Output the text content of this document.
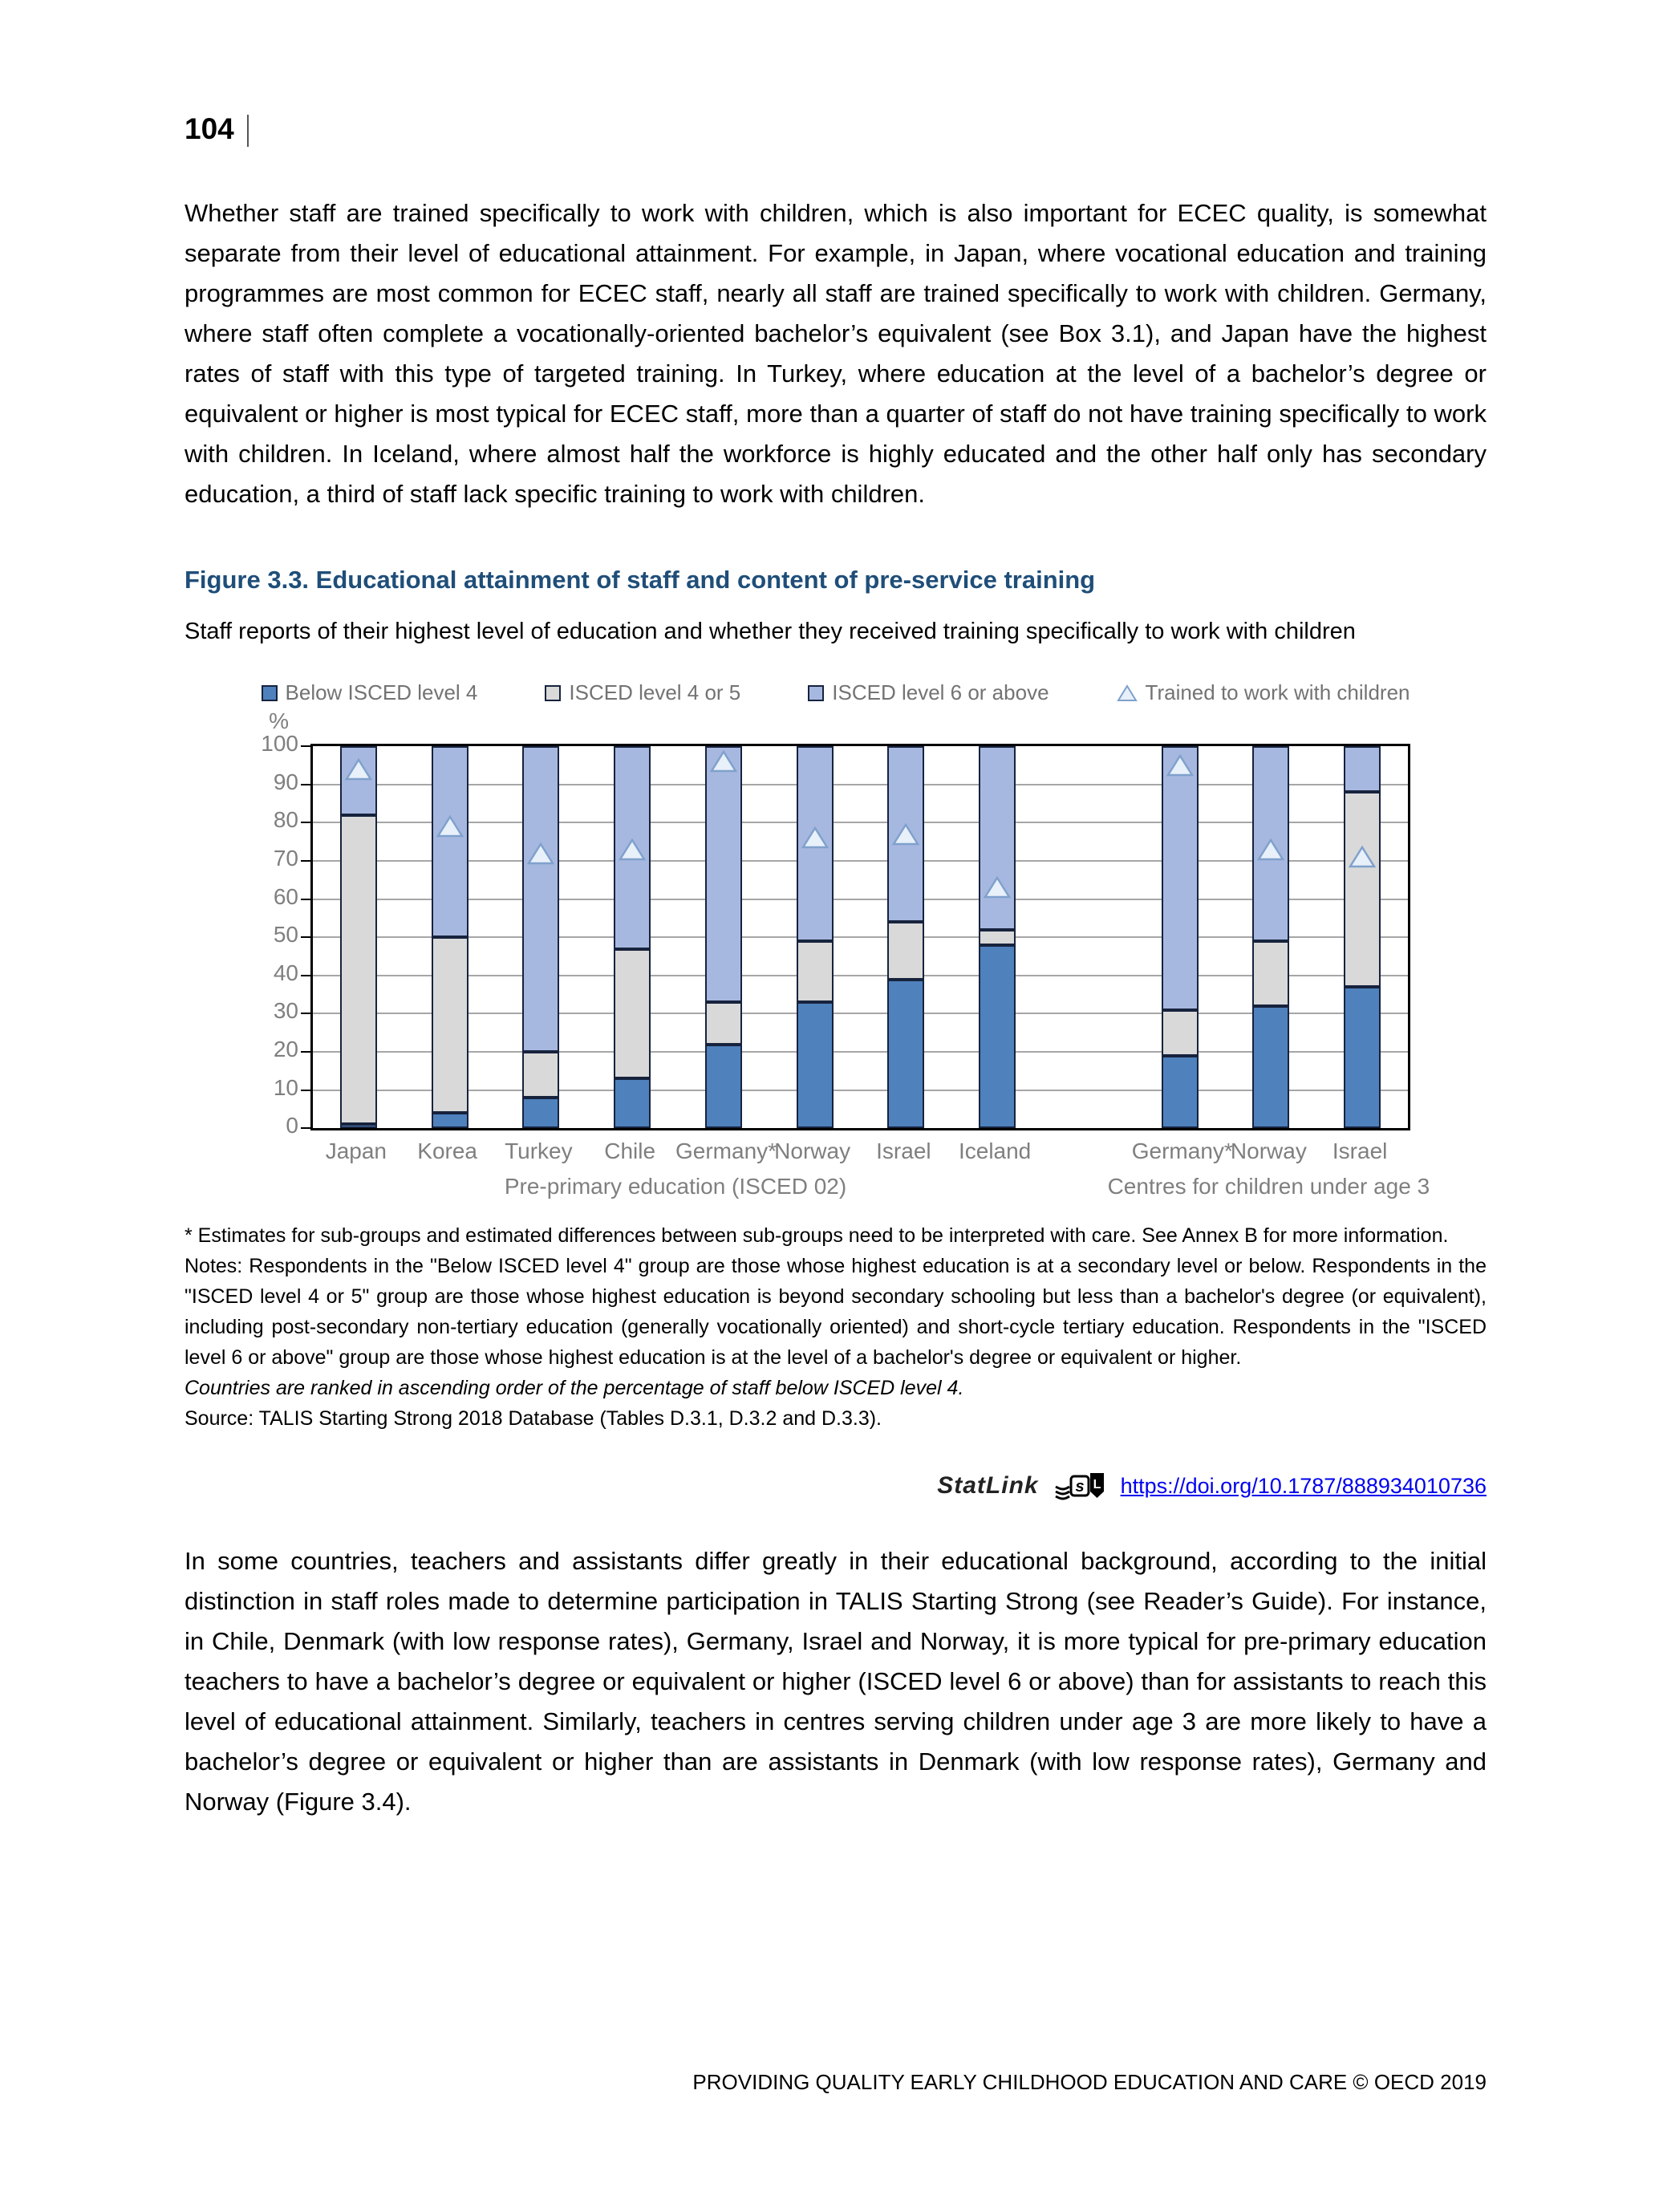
104

Whether staff are trained specifically to work with children, which is also important for ECEC quality, is somewhat separate from their level of educational attainment. For example, in Japan, where vocational education and training programmes are most common for ECEC staff, nearly all staff are trained specifically to work with children. Germany, where staff often complete a vocationally-oriented bachelor’s equivalent (see Box 3.1), and Japan have the highest rates of staff with this type of targeted training. In Turkey, where education at the level of a bachelor’s degree or equivalent or higher is most typical for ECEC staff, more than a quarter of staff do not have training specifically to work with children. In Iceland, where almost half the workforce is highly educated and the other half only has secondary education, a third of staff lack specific training to work with children.

Figure 3.3. Educational attainment of staff and content of pre-service training
Staff reports of their highest level of education and whether they received training specifically to work with children
Below ISCED level 4	ISCED level 4 or 5	ISCED level 6 or above	Trained to work with children
0
10
20
30
40
50
60
70
80
90
100
%
Japan	Korea	Turkey	Chile Germany*
Norway	Israel	Iceland
Pre-primary education (ISCED 02)
Germany*
Norway	Israel
Centres for children under age 3

* Estimates for sub-groups and estimated differences between sub-groups need to be interpreted with care. See Annex B for more information.

Notes: Respondents in the "Below ISCED level 4" group are those whose highest education is at a secondary level or below. Respondents in the "ISCED level 4 or 5" group are those whose highest education is beyond secondary schooling but less than a bachelor's degree (or equivalent), including post-secondary non-tertiary education (generally vocationally oriented) and short-cycle tertiary education. Respondents in the "ISCED level 6 or above" group are those whose highest education is at the level of a bachelor's degree or equivalent or higher.

Countries are ranked in ascending order of the percentage of staff below ISCED level 4.

Source: TALIS Starting Strong 2018 Database (Tables D.3.1, D.3.2 and D.3.3).

StatLink s L https://doi.org/10.1787/888934010736

In some countries, teachers and assistants differ greatly in their educational background, according to the initial distinction in staff roles made to determine participation in TALIS Starting Strong (see Reader’s Guide). For instance, in Chile, Denmark (with low response rates), Germany, Israel and Norway, it is more typical for pre-primary education teachers to have a bachelor’s degree or equivalent or higher (ISCED level 6 or above) than for assistants to reach this level of educational attainment. Similarly, teachers in centres serving children under age 3 are more likely to have a bachelor’s degree or equivalent or higher than are assistants in Denmark (with low response rates), Germany and Norway (Figure 3.4).

PROVIDING QUALITY EARLY CHILDHOOD EDUCATION AND CARE © OECD 2019
